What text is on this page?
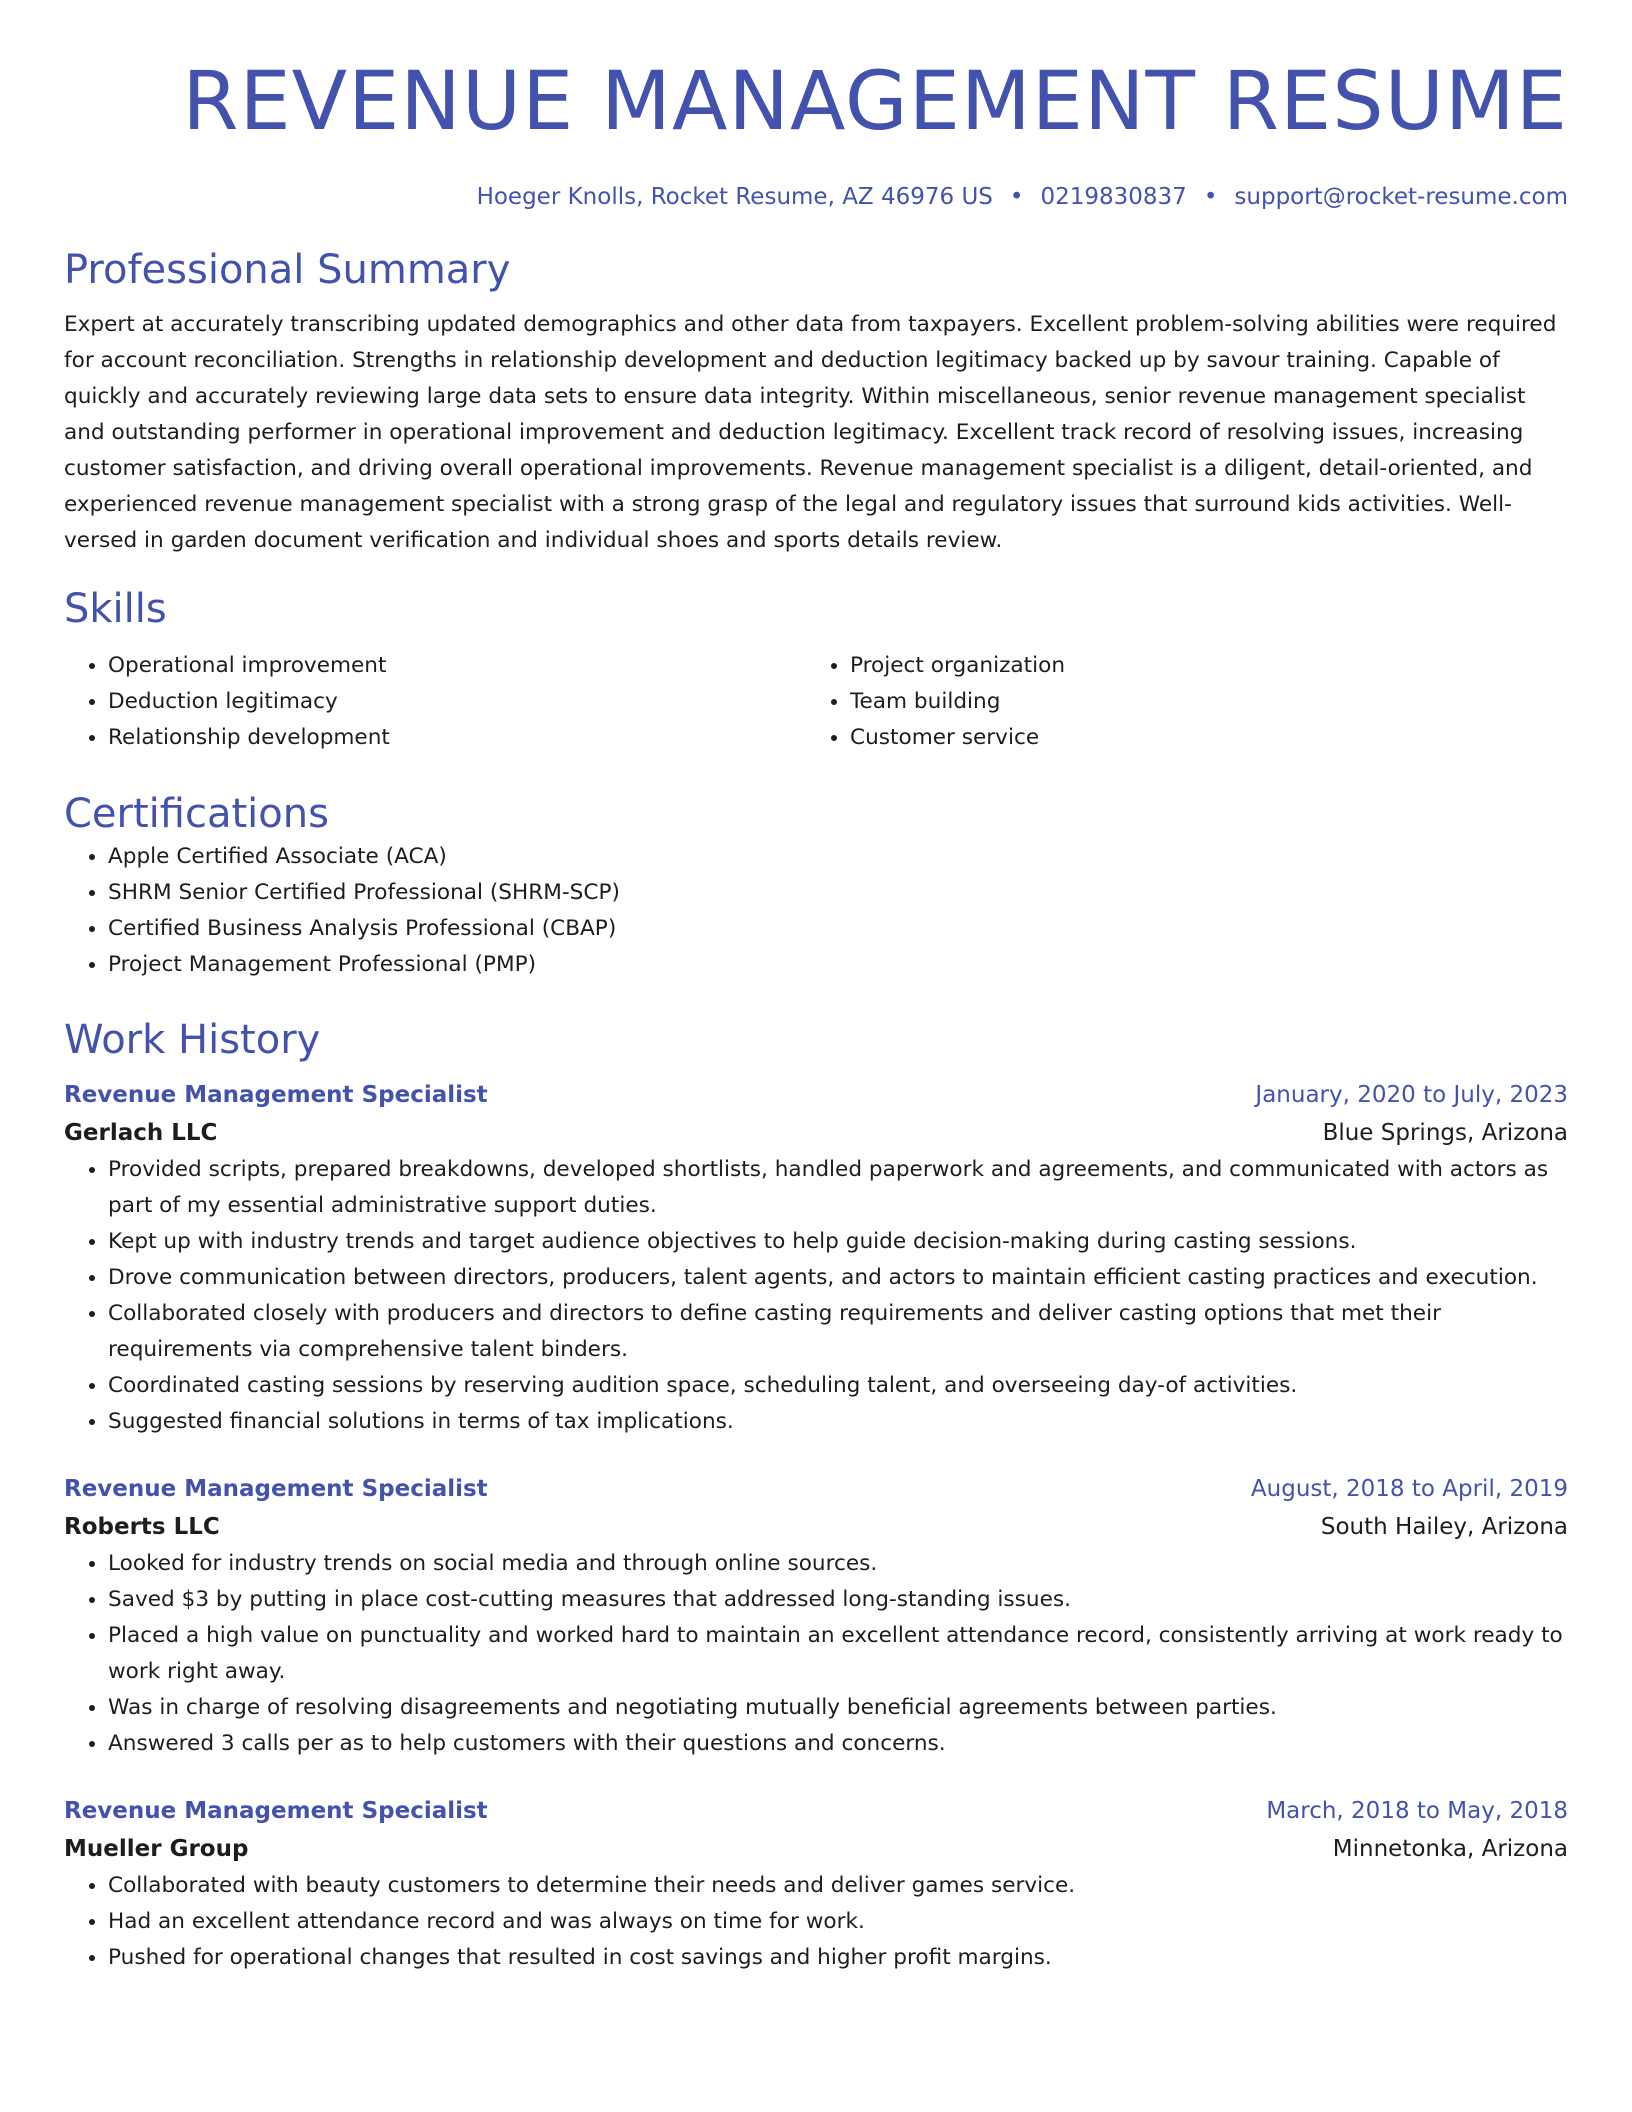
REVENUE MANAGEMENT RESUME
Hoeger Knolls, Rocket Resume, AZ 46976 US • 0219830837 • support@rocket-resume.com
Professional Summary

Expert at accurately transcribing updated demographics and other data from taxpayers. Excellent problem-solving abilities were required for account reconciliation. Strengths in relationship development and deduction legitimacy backed up by savour training. Capable of quickly and accurately reviewing large data sets to ensure data integrity. Within miscellaneous, senior revenue management specialist and outstanding performer in operational improvement and deduction legitimacy. Excellent track record of resolving issues, increasing customer satisfaction, and driving overall operational improvements. Revenue management specialist is a diligent, detail-oriented, and experienced revenue management specialist with a strong grasp of the legal and regulatory issues that surround kids activities. Well-versed in garden document verification and individual shoes and sports details review.

Skills
• Operational improvement
• Deduction legitimacy
• Relationship development
• Project organization
• Team building
• Customer service
Certifications
• Apple Certified Associate (ACA)
• SHRM Senior Certified Professional (SHRM-SCP)
• Certified Business Analysis Professional (CBAP)
• Project Management Professional (PMP)
Work History
Revenue Management Specialist	January, 2020 to July, 2023
Gerlach LLC	Blue Springs, Arizona
• Provided scripts, prepared breakdowns, developed shortlists, handled paperwork and agreements, and communicated with actors as part of my essential administrative support duties.
• Kept up with industry trends and target audience objectives to help guide decision-making during casting sessions.
• Drove communication between directors, producers, talent agents, and actors to maintain efficient casting practices and execution.
• Collaborated closely with producers and directors to define casting requirements and deliver casting options that met their requirements via comprehensive talent binders.
• Coordinated casting sessions by reserving audition space, scheduling talent, and overseeing day-of activities.
• Suggested financial solutions in terms of tax implications.
Revenue Management Specialist	August, 2018 to April, 2019
Roberts LLC	South Hailey, Arizona
• Looked for industry trends on social media and through online sources.
• Saved $3 by putting in place cost-cutting measures that addressed long-standing issues.
• Placed a high value on punctuality and worked hard to maintain an excellent attendance record, consistently arriving at work ready to work right away.
• Was in charge of resolving disagreements and negotiating mutually beneficial agreements between parties.
• Answered 3 calls per as to help customers with their questions and concerns.
Revenue Management Specialist	March, 2018 to May, 2018
Mueller Group	Minnetonka, Arizona
• Collaborated with beauty customers to determine their needs and deliver games service.
• Had an excellent attendance record and was always on time for work.
• Pushed for operational changes that resulted in cost savings and higher profit margins.
